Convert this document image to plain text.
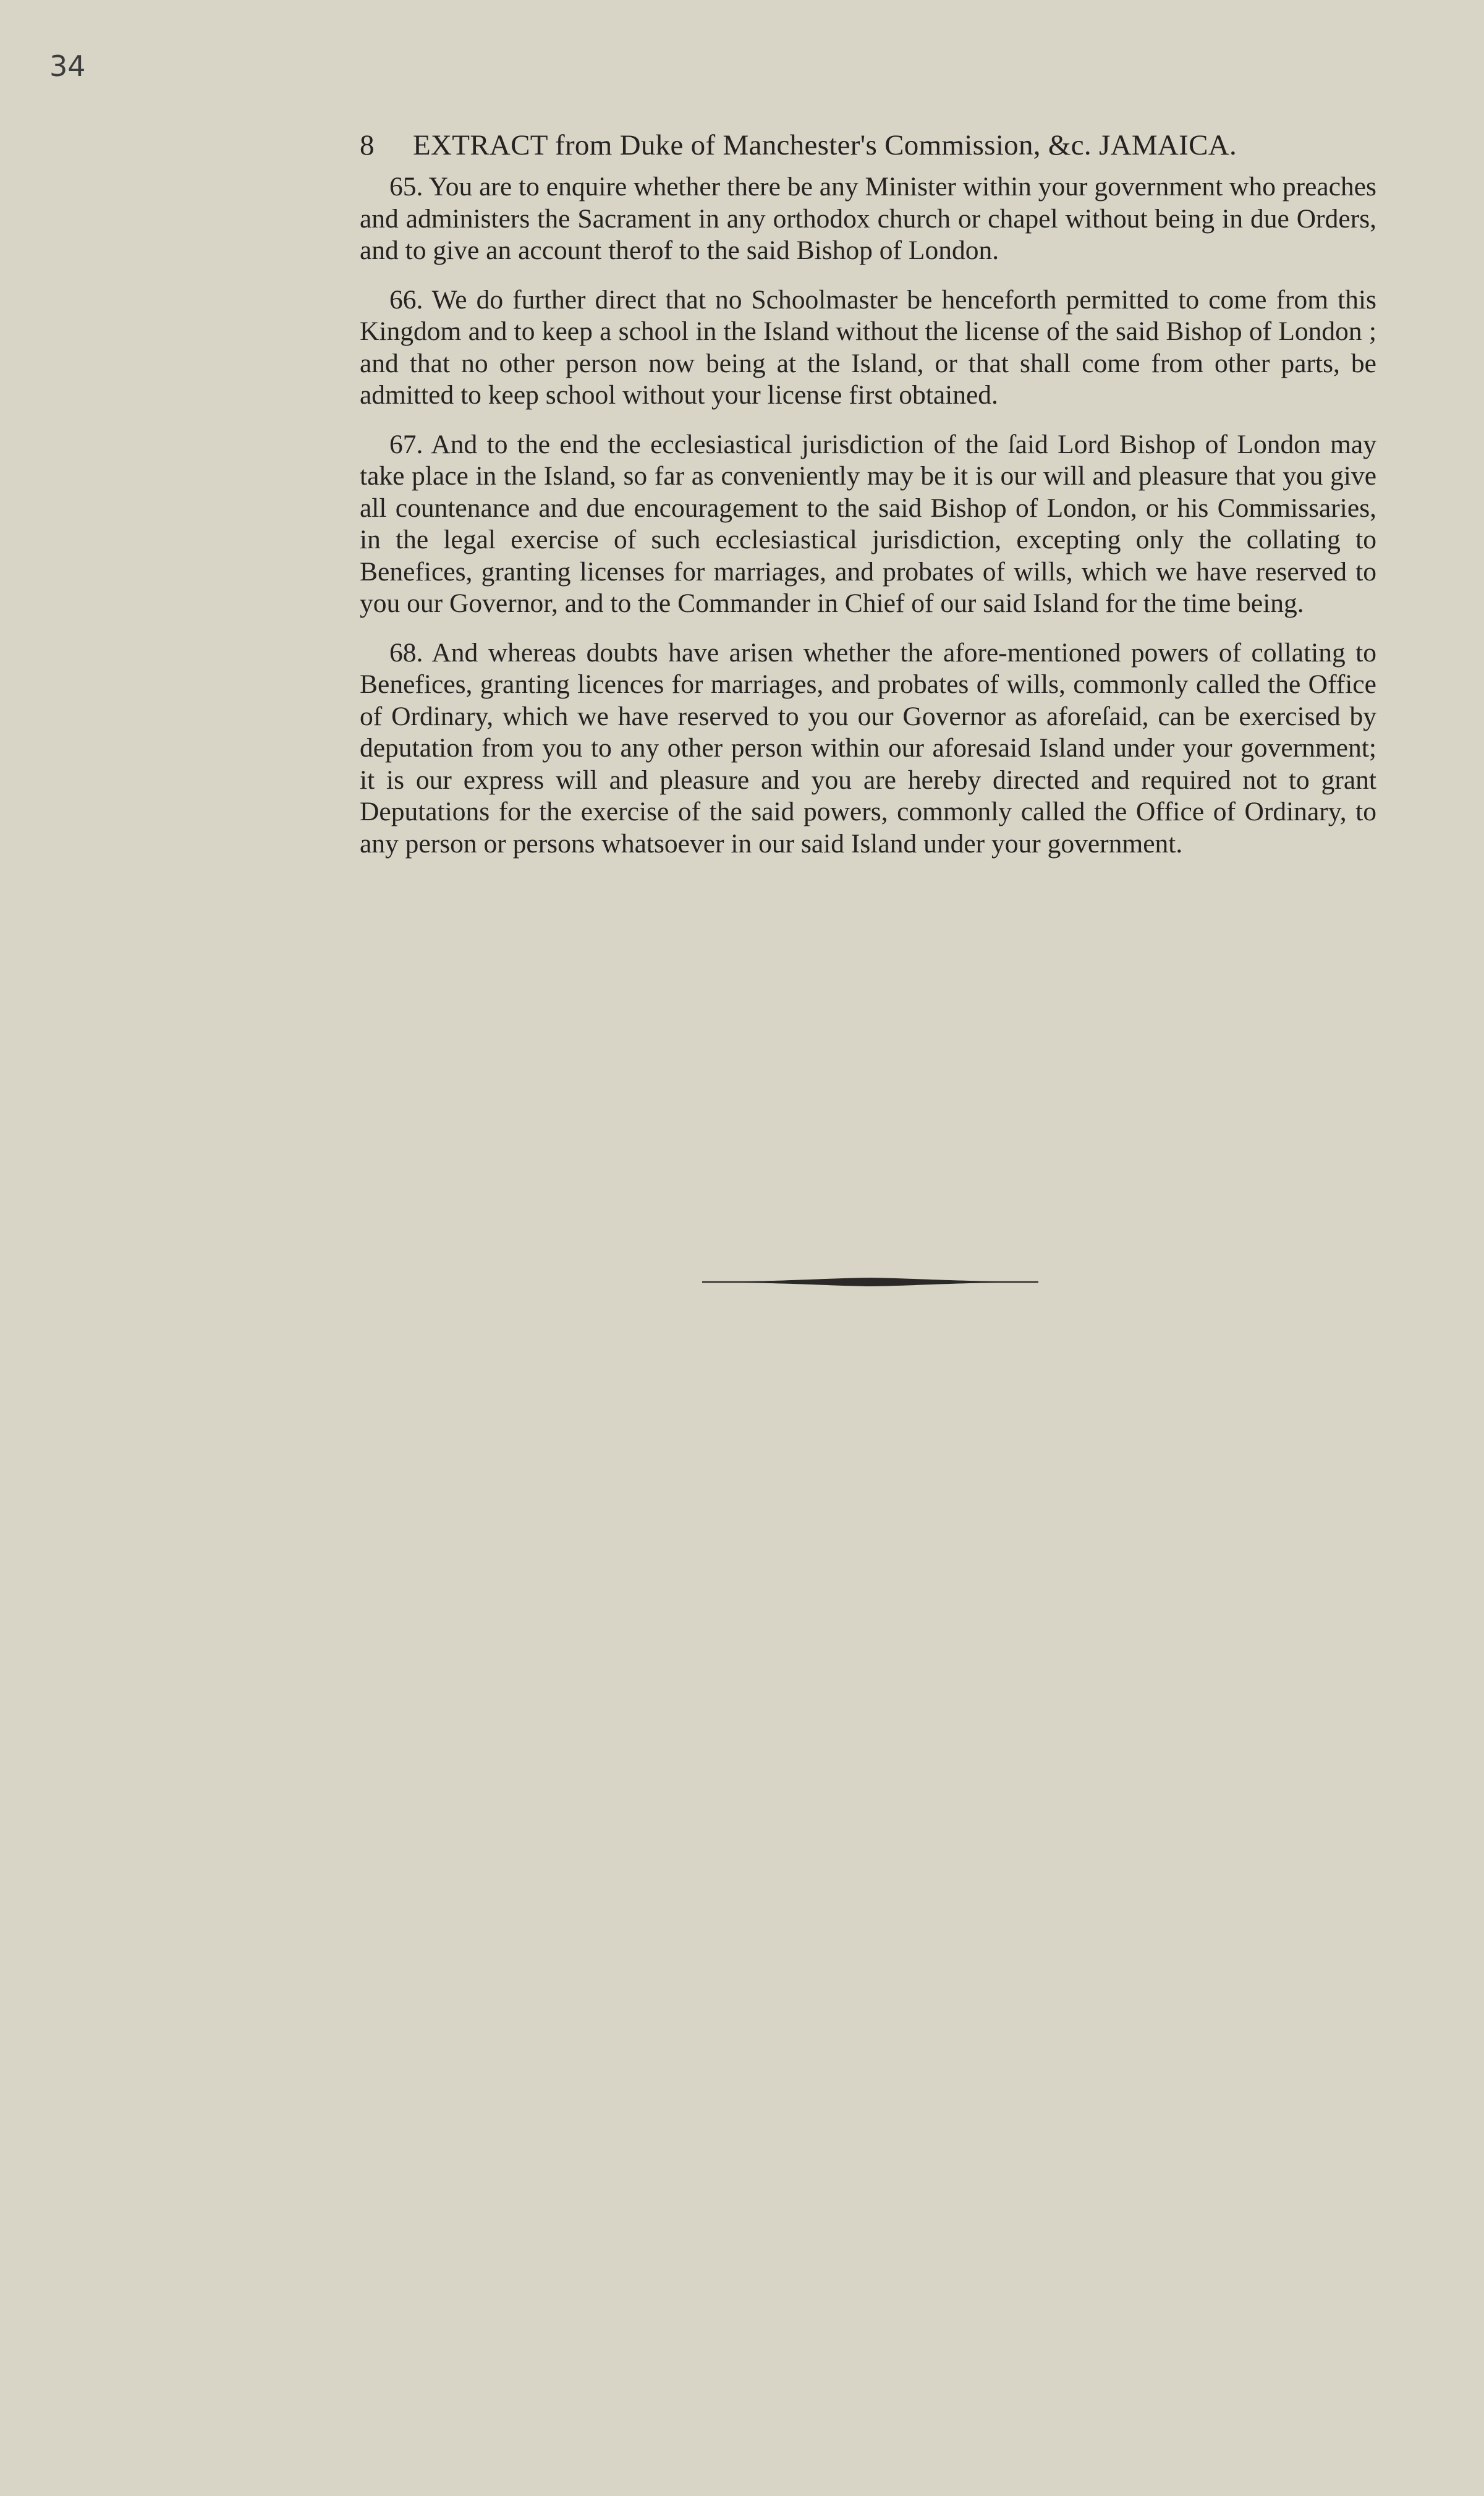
34
8 EXTRACT from Duke of Manchester's Commission, &c. JAMAICA.

65. You are to enquire whether there be any Minister within your government who preaches and administers the Sacrament in any orthodox church or chapel without being in due Orders, and to give an account therof to the said Bishop of London.

66. We do further direct that no Schoolmaster be henceforth permitted to come from this Kingdom and to keep a school in the Island without the license of the said Bishop of London ; and that no other person now being at the Island, or that shall come from other parts, be admitted to keep school without your license first obtained.

67. And to the end the ecclesiastical jurisdiction of the ſaid Lord Bishop of London may take place in the Island, so far as conveniently may be it is our will and pleasure that you give all countenance and due encouragement to the said Bishop of London, or his Commissaries, in the legal exercise of such ecclesiastical jurisdiction, excepting only the collating to Benefices, granting licenses for marriages, and probates of wills, which we have reserved to you our Governor, and to the Commander in Chief of our said Island for the time being.

68. And whereas doubts have arisen whether the afore-mentioned powers of collating to Benefices, granting licences for marriages, and probates of wills, commonly called the Office of Ordinary, which we have reserved to you our Governor as aforeſaid, can be exercised by deputation from you to any other person within our aforesaid Island under your government; it is our express will and pleasure and you are hereby directed and required not to grant Deputations for the exercise of the said powers, commonly called the Office of Ordinary, to any person or persons whatsoever in our said Island under your government.
